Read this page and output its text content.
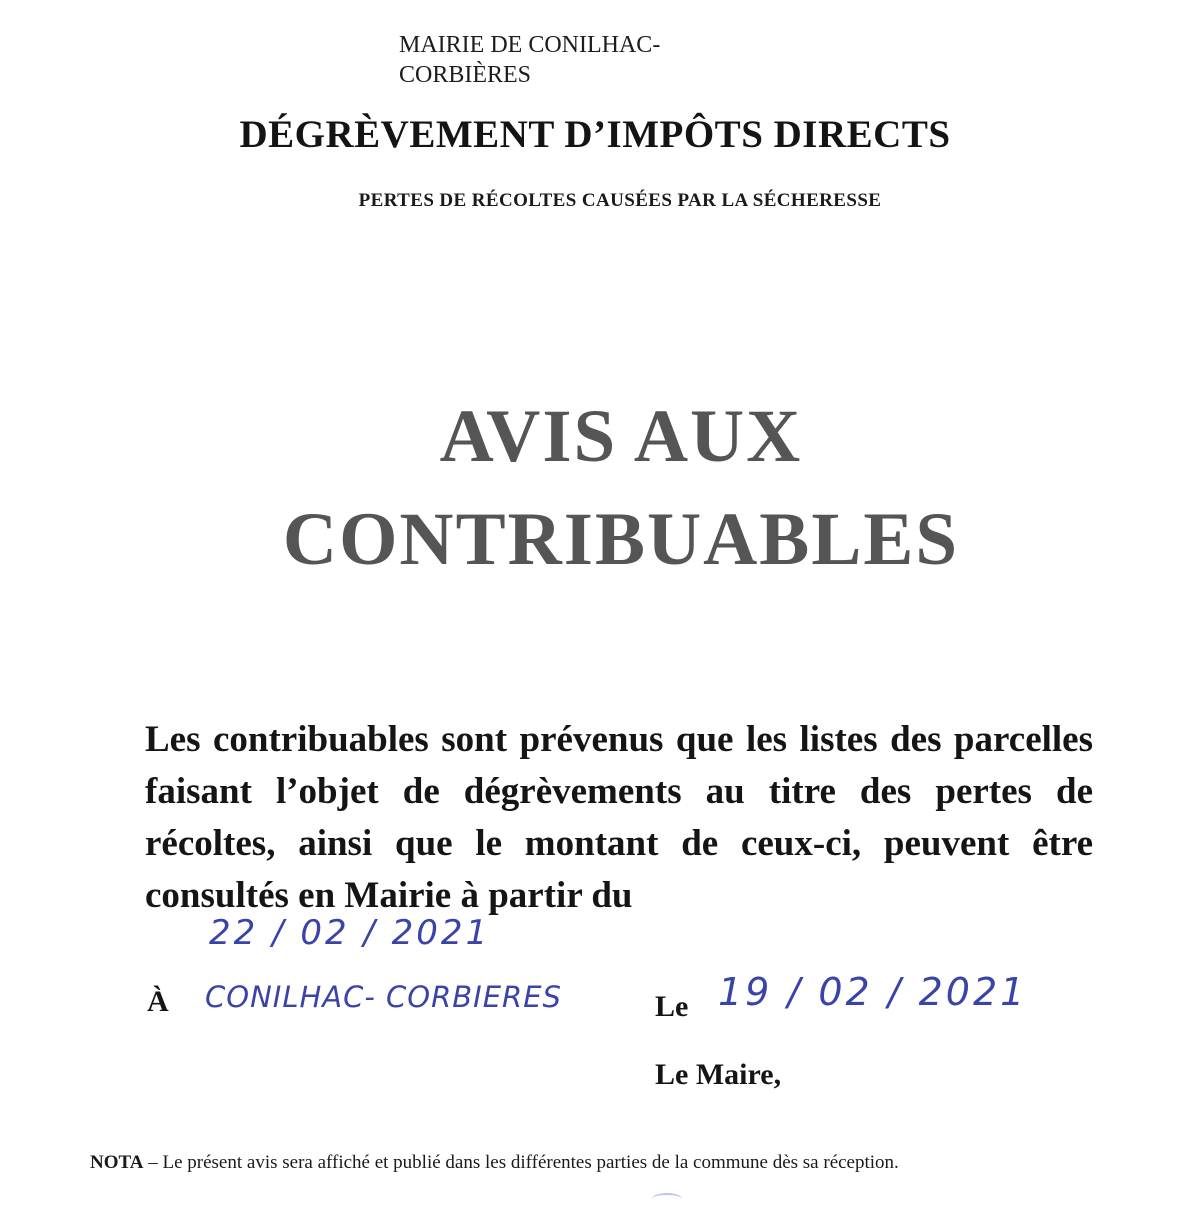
MAIRIE DE CONILHAC-
CORBIÈRES
DÉGRÈVEMENT D’IMPÔTS DIRECTS
PERTES DE RÉCOLTES CAUSÉES PAR LA SÉCHERESSE
AVIS AUX
CONTRIBUABLES
Les contribuables sont prévenus que les listes des parcelles faisant l’objet de dégrèvements au titre des pertes de récoltes, ainsi que le montant de ceux-ci, peuvent être consultés en Mairie à partir du
22 / 02 / 2021
À CONILHAC- CORBIERES	Le 19 / 02 / 2021
Le Maire,
NOTA – Le présent avis sera affiché et publié dans les différentes parties de la commune dès sa réception.
